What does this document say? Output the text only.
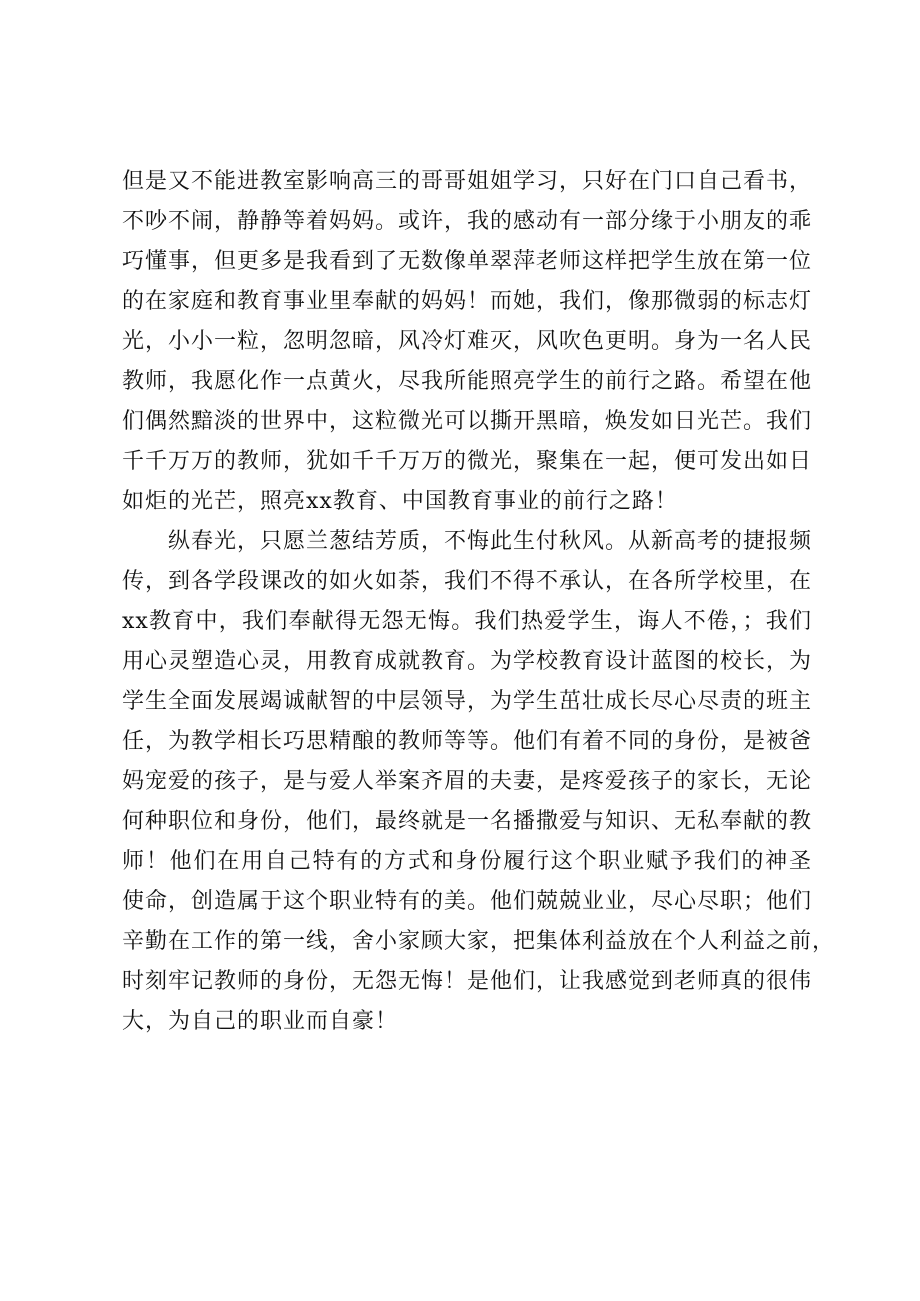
但是又不能进教室影响高三的哥哥姐姐学习，只好在门口自己看书，
不吵不闹，静静等着妈妈。或许，我的感动有一部分缘于小朋友的乖
巧懂事，但更多是我看到了无数像单翠萍老师这样把学生放在第一位
的在家庭和教育事业里奉献的妈妈！而她，我们，像那微弱的标志灯
光，小小一粒，忽明忽暗，风冷灯难灭，风吹色更明。身为一名人民
教师，我愿化作一点黄火，尽我所能照亮学生的前行之路。希望在他
们偶然黯淡的世界中，这粒微光可以撕开黑暗，焕发如日光芒。我们
千千万万的教师，犹如千千万万的微光，聚集在一起，便可发出如日
如炬的光芒，照亮xx教育、中国教育事业的前行之路！
纵春光，只愿兰葱结芳质，不悔此生付秋风。从新高考的捷报频
传，到各学段课改的如火如荼，我们不得不承认，在各所学校里，在
xx教育中，我们奉献得无怨无悔。我们热爱学生，诲人不倦，；我们
用心灵塑造心灵，用教育成就教育。为学校教育设计蓝图的校长，为
学生全面发展竭诚献智的中层领导，为学生茁壮成长尽心尽责的班主
任，为教学相长巧思精酿的教师等等。他们有着不同的身份，是被爸
妈宠爱的孩子，是与爱人举案齐眉的夫妻，是疼爱孩子的家长，无论
何种职位和身份，他们，最终就是一名播撒爱与知识、无私奉献的教
师！他们在用自己特有的方式和身份履行这个职业赋予我们的神圣
使命，创造属于这个职业特有的美。他们兢兢业业，尽心尽职；他们
辛勤在工作的第一线，舍小家顾大家，把集体利益放在个人利益之前，
时刻牢记教师的身份，无怨无悔！是他们，让我感觉到老师真的很伟
大，为自己的职业而自豪！
